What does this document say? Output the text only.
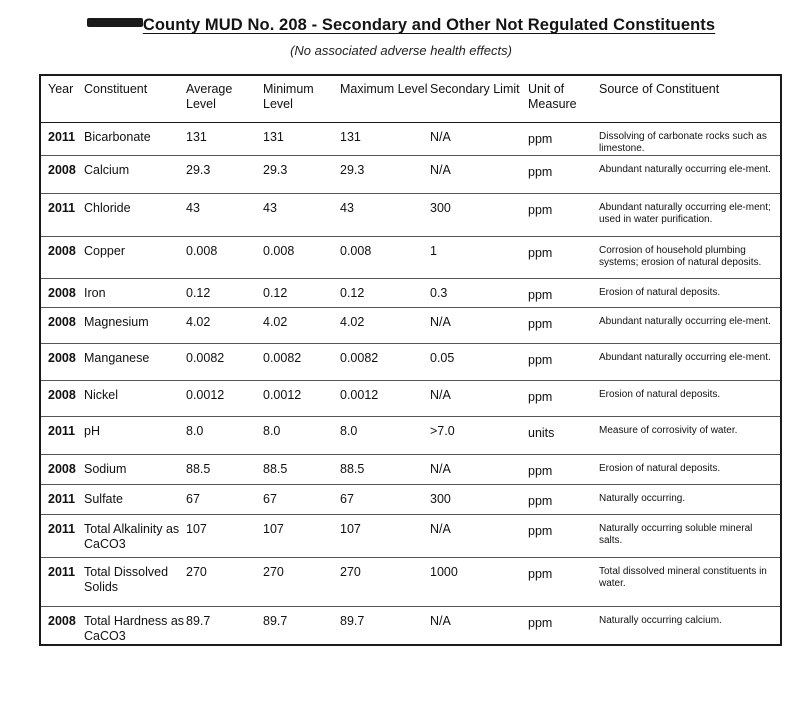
County MUD No. 208 - Secondary and Other Not Regulated Constituents
(No associated adverse health effects)
Year	Constituent	Average Level	Minimum Level	Maximum Level	Secondary Limit	Unit of Measure	Source of Constituent
2011	Bicarbonate	131	131	131	N/A	ppm	Dissolving of carbonate rocks such as limestone.
2008	Calcium	29.3	29.3	29.3	N/A	ppm	Abundant naturally occurring ele-ment.
2011	Chloride	43	43	43	300	ppm	Abundant naturally occurring ele-ment; used in water purification.
2008	Copper	0.008	0.008	0.008	1	ppm	Corrosion of household plumbing systems; erosion of natural deposits.
2008	Iron	0.12	0.12	0.12	0.3	ppm	Erosion of natural deposits.
2008	Magnesium	4.02	4.02	4.02	N/A	ppm	Abundant naturally occurring ele-ment.
2008	Manganese	0.0082	0.0082	0.0082	0.05	ppm	Abundant naturally occurring ele-ment.
2008	Nickel	0.0012	0.0012	0.0012	N/A	ppm	Erosion of natural deposits.
2011	pH	8.0	8.0	8.0	>7.0	units	Measure of corrosivity of water.
2008	Sodium	88.5	88.5	88.5	N/A	ppm	Erosion of natural deposits.
2011	Sulfate	67	67	67	300	ppm	Naturally occurring.
2011	Total Alkalinity as CaCO3	107	107	107	N/A	ppm	Naturally occurring soluble mineral salts.
2011	Total Dissolved Solids	270	270	270	1000	ppm	Total dissolved mineral constituents in water.
2008	Total Hardness as CaCO3	89.7	89.7	89.7	N/A	ppm	Naturally occurring calcium.
